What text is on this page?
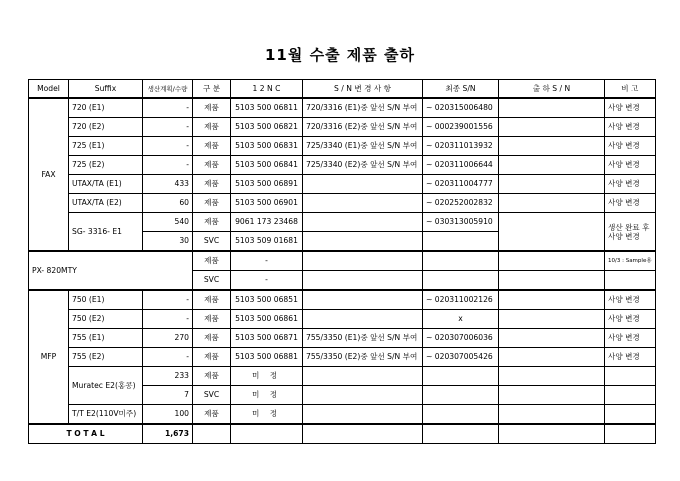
11월 수출 제품 출하
Model	Suffix	생산계획/수량	구 분	1 2 N C	S / N 변 경 사 항	최종 S/N	출 하 S / N	비 고
FAX	720 (E1)	-	제품	5103 500 06811	720/3316 (E1)중 앞선 S/N 부여	~ 020315006480		사양 변경
	720 (E2)	-	제품	5103 500 06821	720/3316 (E2)중 앞선 S/N 부여	~ 000239001556		사양 변경
	725 (E1)	-	제품	5103 500 06831	725/3340 (E1)중 앞선 S/N 부여	~ 020311013932		사양 변경
	725 (E2)	-	제품	5103 500 06841	725/3340 (E2)중 앞선 S/N 부여	~ 020311006644		사양 변경
	UTAX/TA (E1)	433	제품	5103 500 06891		~ 020311004777		사양 변경
	UTAX/TA (E2)	60	제품	5103 500 06901		~ 020252002832		사양 변경
	SG- 3316- E1	540	제품	9061 173 23468		~ 030313005910		생산 완료 후 사양 변경
		30	SVC	5103 509 01681				
PX- 820MTY			제품	-				10/3 : Sample용
			SVC	-				
MFP	750 (E1)	-	제품	5103 500 06851		~ 020311002126		사양 변경
	750 (E2)	-	제품	5103 500 06861		x		사양 변경
	755 (E1)	270	제품	5103 500 06871	755/3350 (E1)중 앞선 S/N 부여	~ 020307006036		사양 변경
	755 (E2)	-	제품	5103 500 06881	755/3350 (E2)중 앞선 S/N 부여	~ 020307005426		사양 변경
	Muratec E2(홍콩)	233	제품	미 정				
		7	SVC	미 정				
	T/T E2(110V미주)	100	제품	미 정				
T O T A L		1,673						
